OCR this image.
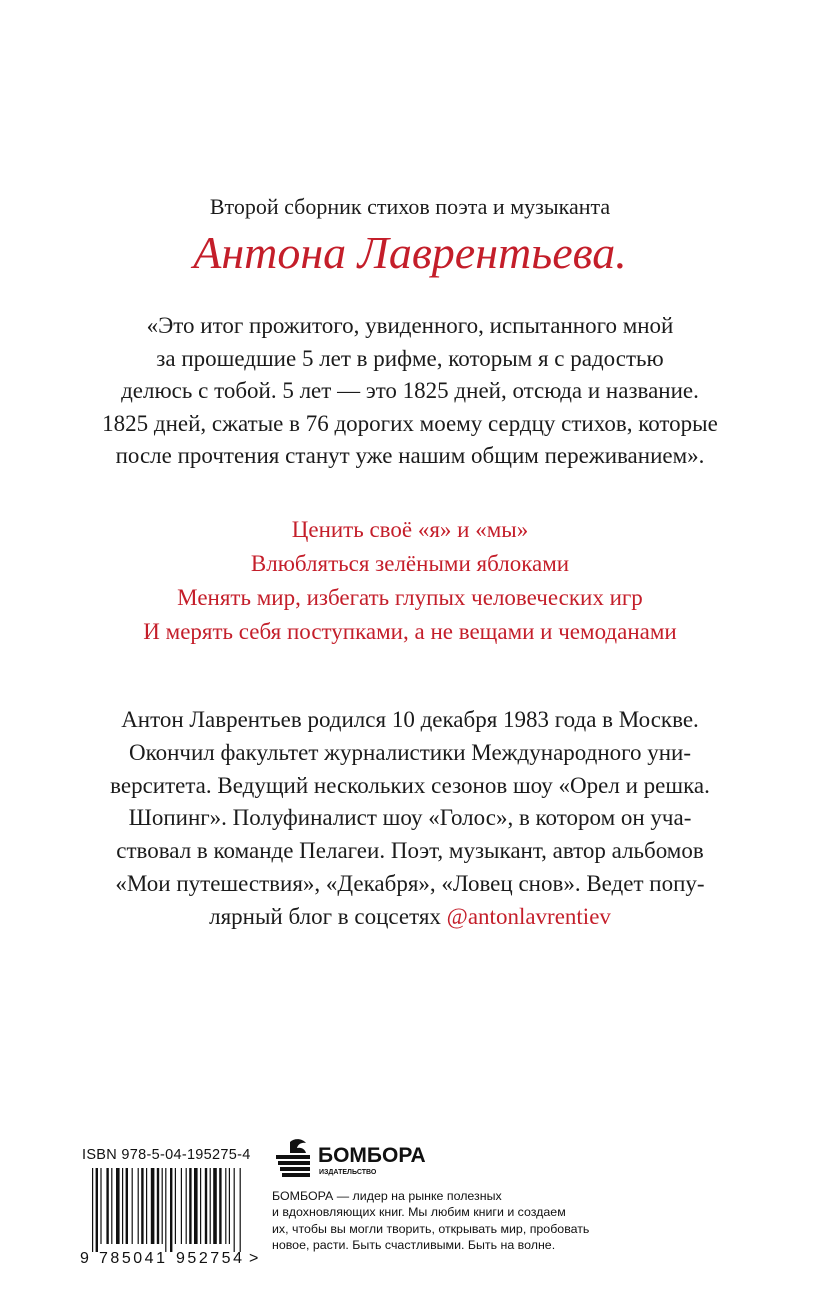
Второй сборник стихов поэта и музыканта
Антона Лаврентьева.
«Это итог прожитого, увиденного, испытанного мной
за прошедшие 5 лет в рифме, которым я с радостью
делюсь с тобой. 5 лет — это 1825 дней, отсюда и название.
1825 дней, сжатые в 76 дорогих моему сердцу стихов, которые
после прочтения станут уже нашим общим переживанием».
Ценить своё «я» и «мы»
Влюбляться зелёными яблоками
Менять мир, избегать глупых человеческих игр
И мерять себя поступками, а не вещами и чемоданами
Антон Лаврентьев родился 10 декабря 1983 года в Москве.
Окончил факультет журналистики Международного уни-
верситета. Ведущий нескольких сезонов шоу «Орел и решка.
Шопинг». Полуфиналист шоу «Голос», в котором он уча-
ствовал в команде Пелагеи. Поэт, музыкант, автор альбомов
«Мои путешествия», «Декабря», «Ловец снов». Ведет попу-
лярный блог в соцсетях @antonlavrentiev
ISBN 978-5-04-195275-4
9 785041 952754 >
БОМБОРА
ИЗДАТЕЛЬСТВО
БОМБОРА — лидер на рынке полезных
и вдохновляющих книг. Мы любим книги и создаем
их, чтобы вы могли творить, открывать мир, пробовать
новое, расти. Быть счастливыми. Быть на волне.
